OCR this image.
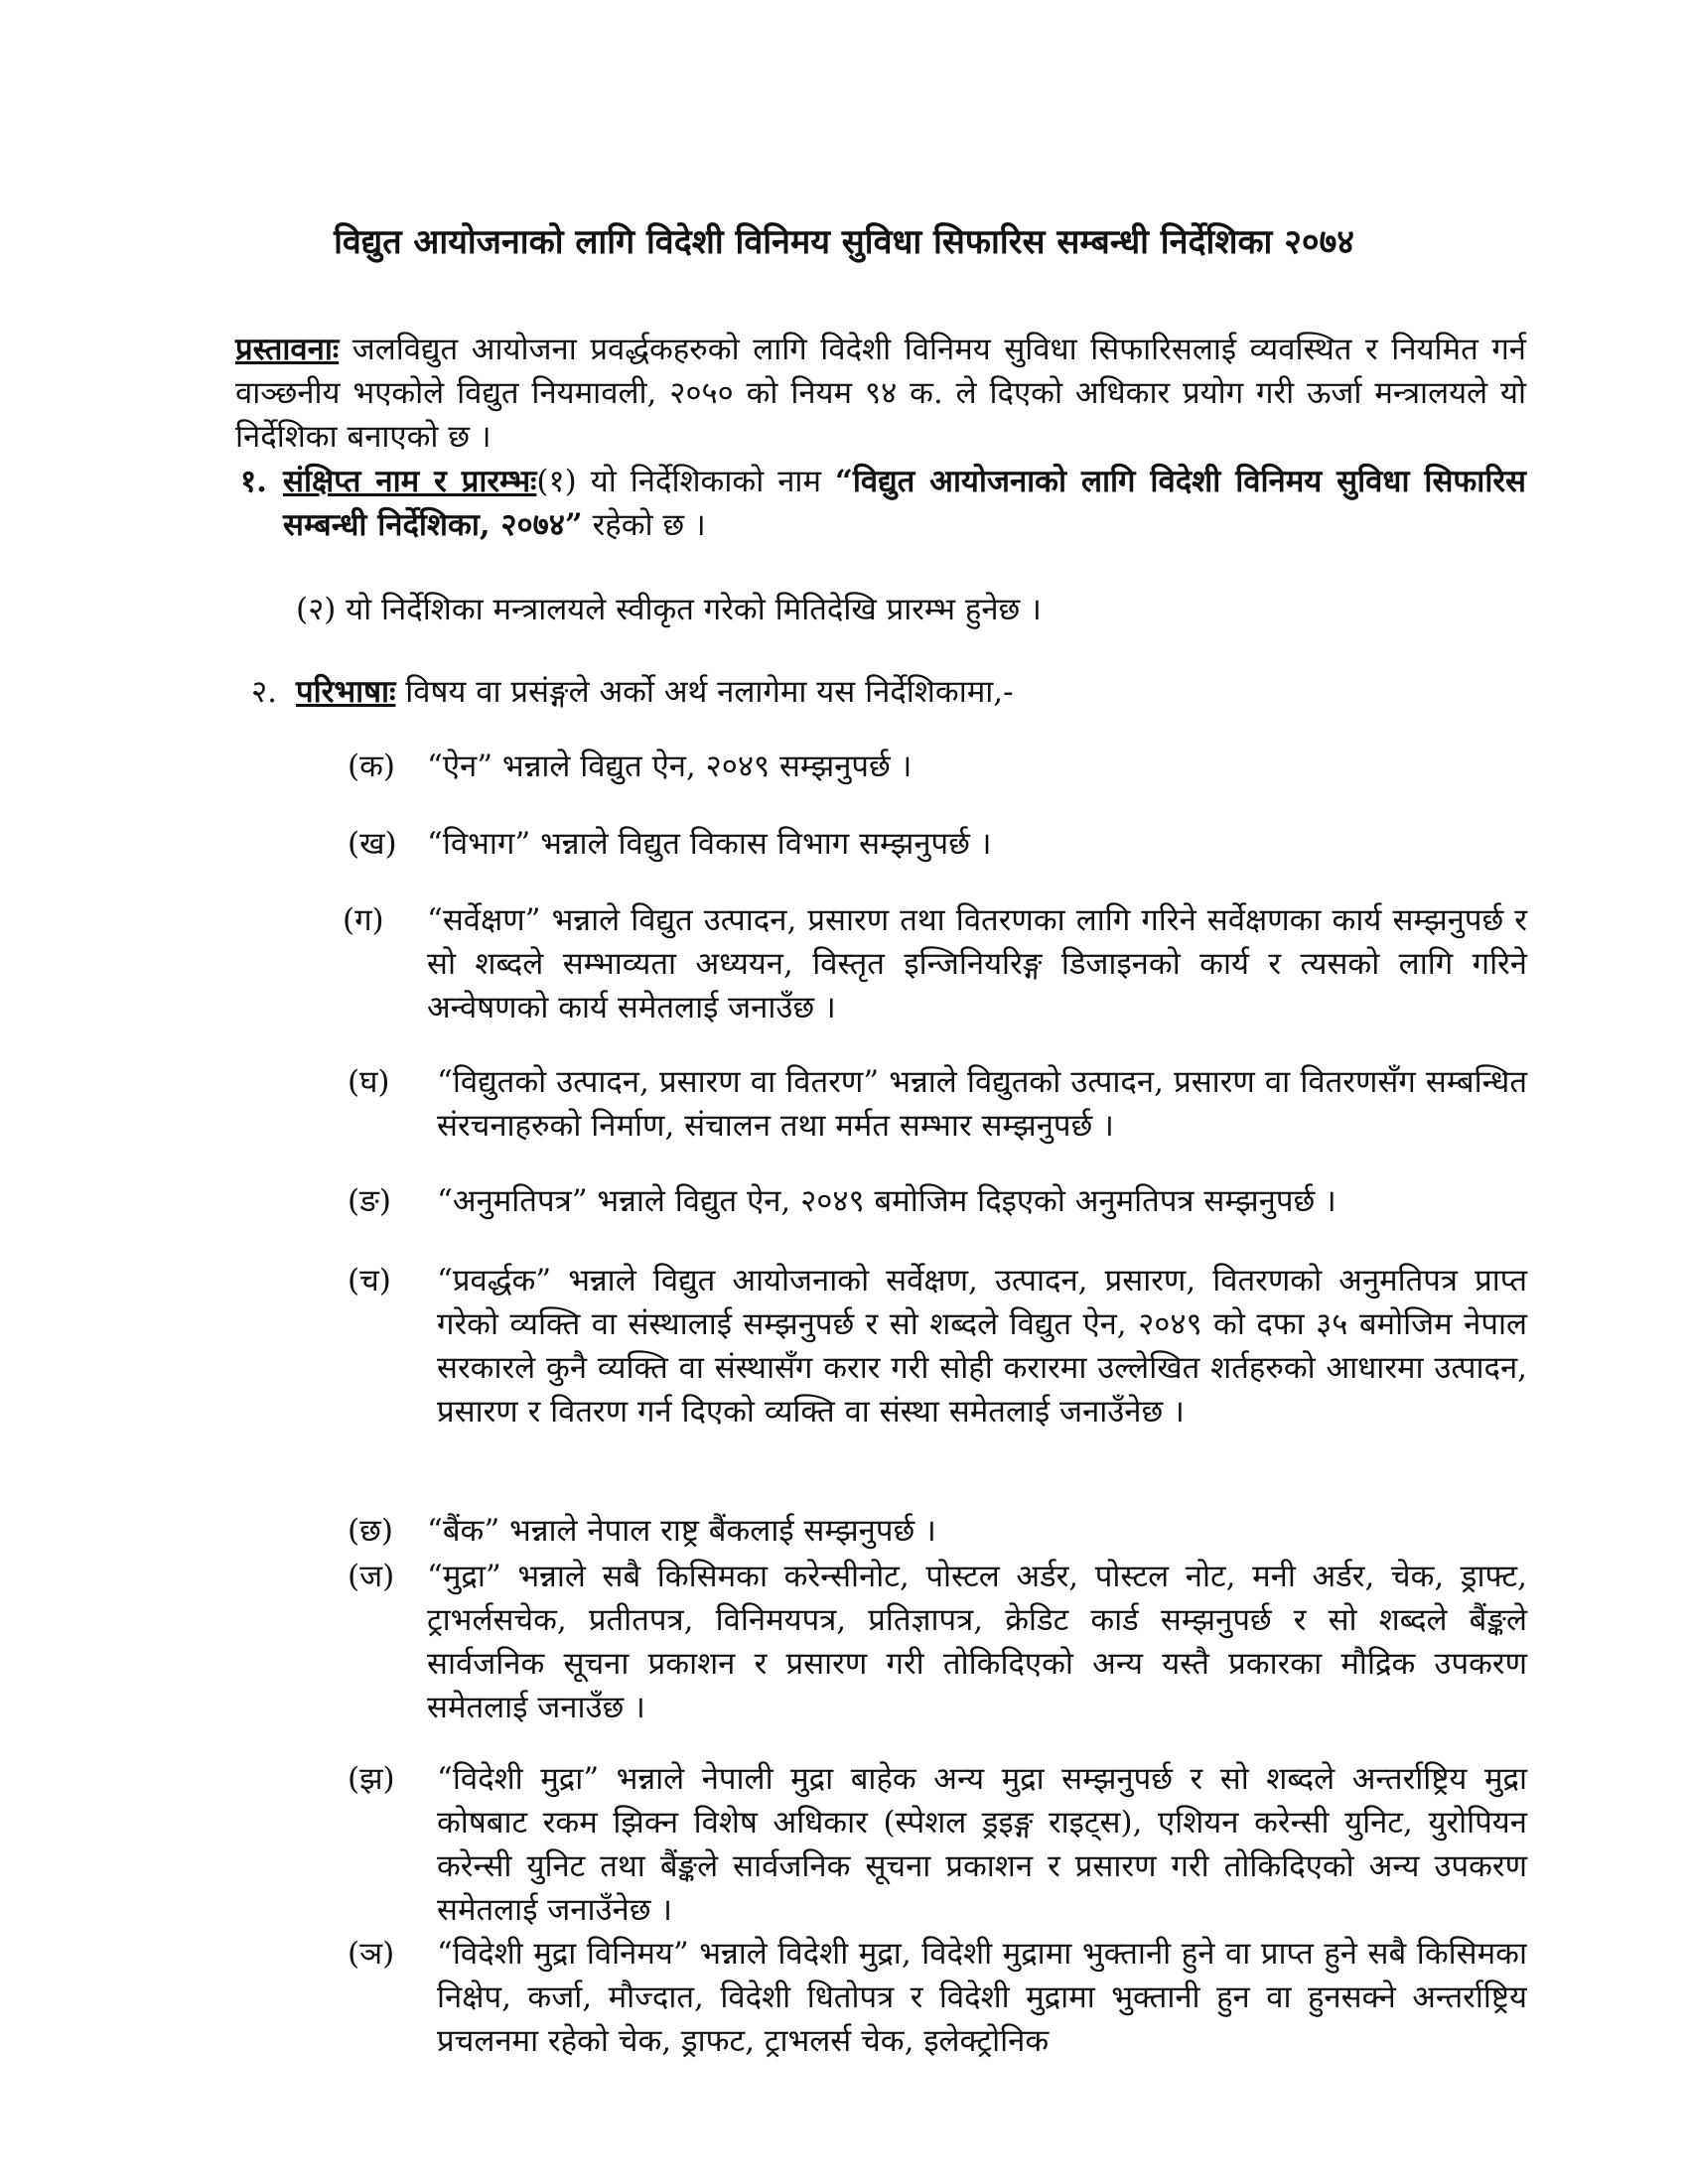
विद्युत आयोजनाको लागि विदेशी विनिमय सुविधा सिफारिस सम्बन्धी निर्देशिका २०७४
प्रस्तावनाः जलविद्युत आयोजना प्रवर्द्धकहरुको लागि विदेशी विनिमय सुविधा सिफारिसलाई व्यवस्थित र नियमित गर्न वाञ्छनीय भएकोले विद्युत नियमावली, २०५० को नियम ९४ क. ले दिएको अधिकार प्रयोग गरी ऊर्जा मन्त्रालयले यो निर्देशिका बनाएको छ ।
१. संक्षिप्त नाम र प्रारम्भः(१) यो निर्देशिकाको नाम “विद्युत आयोजनाको लागि विदेशी विनिमय सुविधा सिफारिस सम्बन्धी निर्देशिका, २०७४” रहेको छ ।
(२) यो निर्देशिका मन्त्रालयले स्वीकृत गरेको मितिदेखि प्रारम्भ हुनेछ ।
२. परिभाषाः विषय वा प्रसंङ्गले अर्को अर्थ नलागेमा यस निर्देशिकामा,-
(क) “ऐन” भन्नाले विद्युत ऐन, २०४९ सम्झनुपर्छ ।
(ख) “विभाग” भन्नाले विद्युत विकास विभाग सम्झनुपर्छ ।
(ग) “सर्वेक्षण” भन्नाले विद्युत उत्पादन, प्रसारण तथा वितरणका लागि गरिने सर्वेक्षणका कार्य सम्झनुपर्छ र सो शब्दले सम्भाव्यता अध्ययन, विस्तृत इन्जिनियरिङ्ग डिजाइनको कार्य र त्यसको लागि गरिने अन्वेषणको कार्य समेतलाई जनाउँछ ।
(घ) “विद्युतको उत्पादन, प्रसारण वा वितरण” भन्नाले विद्युतको उत्पादन, प्रसारण वा वितरणसँग सम्बन्धित संरचनाहरुको निर्माण, संचालन तथा मर्मत सम्भार सम्झनुपर्छ ।
(ङ) “अनुमतिपत्र” भन्नाले विद्युत ऐन, २०४९ बमोजिम दिइएको अनुमतिपत्र सम्झनुपर्छ ।
(च) “प्रवर्द्धक” भन्नाले विद्युत आयोजनाको सर्वेक्षण, उत्पादन, प्रसारण, वितरणको अनुमतिपत्र प्राप्त गरेको व्यक्ति वा संस्थालाई सम्झनुपर्छ र सो शब्दले विद्युत ऐन, २०४९ को दफा ३५ बमोजिम नेपाल सरकारले कुनै व्यक्ति वा संस्थासँग करार गरी सोही करारमा उल्लेखित शर्तहरुको आधारमा उत्पादन, प्रसारण र वितरण गर्न दिएको व्यक्ति वा संस्था समेतलाई जनाउँनेछ ।
(छ) “बैंक” भन्नाले नेपाल राष्ट्र बैंकलाई सम्झनुपर्छ ।
(ज) “मुद्रा” भन्नाले सबै किसिमका करेन्सीनोट, पोस्टल अर्डर, पोस्टल नोट, मनी अर्डर, चेक, ड्राफ्ट, ट्राभर्लसचेक, प्रतीतपत्र, विनिमयपत्र, प्रतिज्ञापत्र, क्रेडिट कार्ड सम्झनुपर्छ र सो शब्दले बैंङ्कले सार्वजनिक सूचना प्रकाशन र प्रसारण गरी तोकिदिएको अन्य यस्तै प्रकारका मौद्रिक उपकरण समेतलाई जनाउँछ ।
(झ) “विदेशी मुद्रा” भन्नाले नेपाली मुद्रा बाहेक अन्य मुद्रा सम्झनुपर्छ र सो शब्दले अन्तर्राष्ट्रिय मुद्रा कोषबाट रकम झिक्न विशेष अधिकार (स्पेशल ड्रइङ्ग राइट्स), एशियन करेन्सी युनिट, युरोपियन करेन्सी युनिट तथा बैंङ्कले सार्वजनिक सूचना प्रकाशन र प्रसारण गरी तोकिदिएको अन्य उपकरण समेतलाई जनाउँनेछ ।
(ञ) “विदेशी मुद्रा विनिमय” भन्नाले विदेशी मुद्रा, विदेशी मुद्रामा भुक्तानी हुने वा प्राप्त हुने सबै किसिमका निक्षेप, कर्जा, मौज्दात, विदेशी धितोपत्र र विदेशी मुद्रामा भुक्तानी हुन वा हुनसक्ने अन्तर्राष्ट्रिय प्रचलनमा रहेको चेक, ड्राफट, ट्राभलर्स चेक, इलेक्ट्रोनिक
